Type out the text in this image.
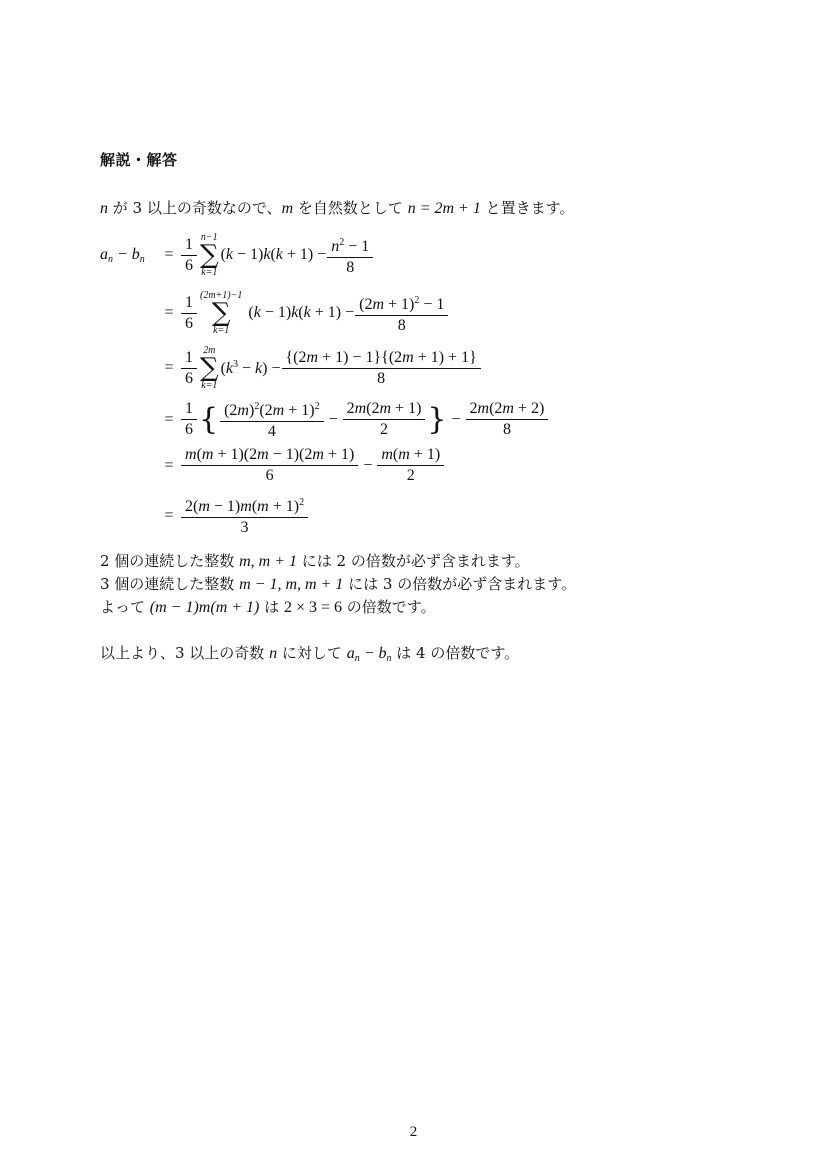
解説・解答
n が 3 以上の奇数なので、m を自然数として n = 2m + 1 と置きます。
$a_n - b_n$	= $\frac{1}{6} n-1$
∑
k=1
$(k - 1)k(k + 1) - \frac{n^2 - 1}{8}$
= $\frac{1}{6} (2m+1)-1$
∑
k=1
$(k - 1)k(k + 1) - \frac{(2m + 1)^2 - 1}{8}$
= $\frac{1}{6} 2m$
∑
k=1
$(k^3 - k) - \frac{\{(2m + 1) - 1\}\{(2m + 1) + 1\}}{8}$
= $\frac{1}{6}$ { $\frac{(2m)^2(2m + 1)^2}{4} - \frac{2m(2m + 1)}{2}$ } − $\frac{2m(2m + 2)}{8}$
= $\frac{m(m + 1)(2m - 1)(2m + 1)}{6} - \frac{m(m + 1)}{2}$
= $\frac{2(m - 1)m(m + 1)^2}{3}$
2 個の連続した整数 m, m + 1 には 2 の倍数が必ず含まれます。
3 個の連続した整数 m − 1, m, m + 1 には 3 の倍数が必ず含まれます。
よって (m − 1)m(m + 1) は 2 × 3 = 6 の倍数です。
以上より、3 以上の奇数 n に対して $a_n - b_n$ は 4 の倍数です。
2
